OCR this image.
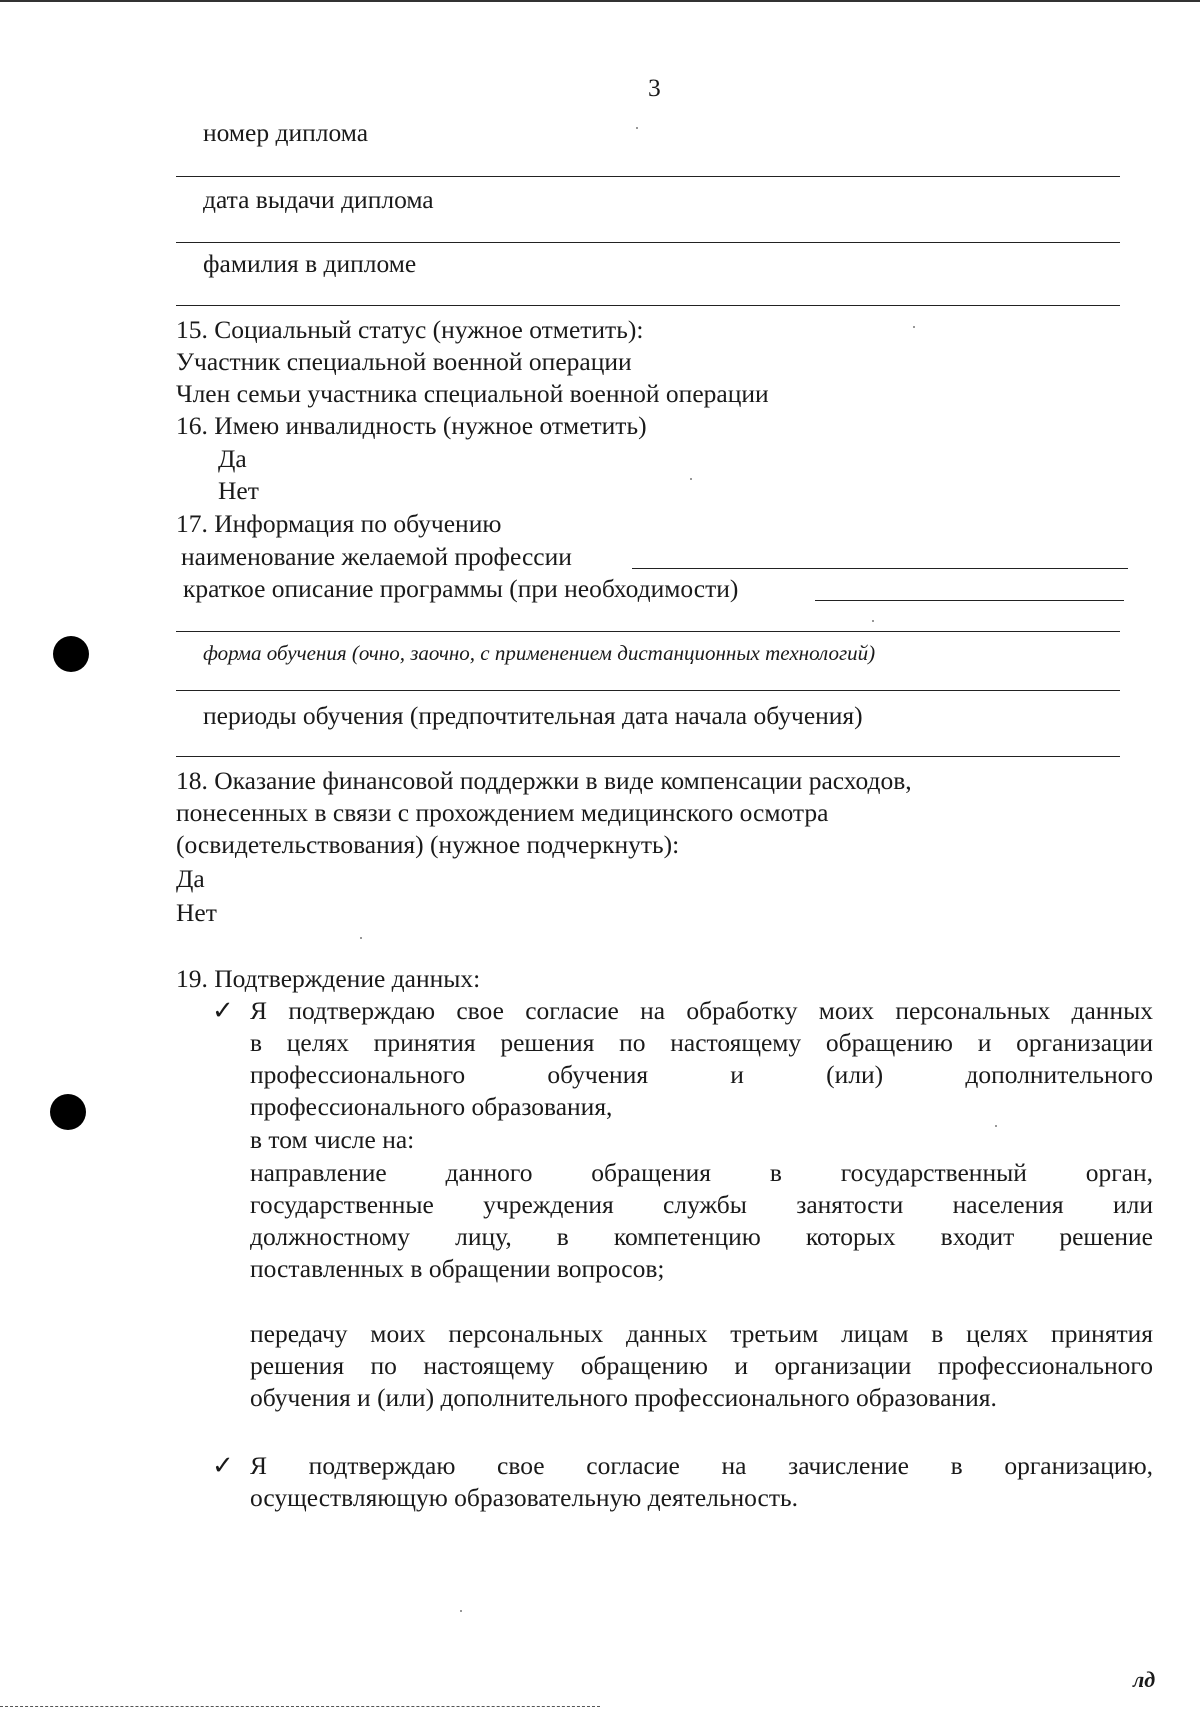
3
номер диплома
дата выдачи диплома
фамилия в дипломе
15. Социальный статус (нужное отметить):
Участник специальной военной операции
Член семьи участника специальной военной операции
16. Имею инвалидность (нужное отметить)
Да
Нет
17. Информация по обучению
наименование желаемой профессии
краткое описание программы (при необходимости)
форма обучения (очно, заочно, с применением дистанционных технологий)
периоды обучения (предпочтительная дата начала обучения)
18. Оказание финансовой поддержки в виде компенсации расходов,
понесенных в связи с прохождением медицинского осмотра
(освидетельствования) (нужное подчеркнуть):
Да
Нет
19. Подтверждение данных:
✓ Я подтверждаю свое согласие на обработку моих персональных данных
в целях принятия решения по настоящему обращению и организации
профессионального обучения и (или) дополнительного
профессионального образования,
в том числе на:
направление данного обращения в государственный орган,
государственные учреждения службы занятости населения или
должностному лицу, в компетенцию которых входит решение
поставленных в обращении вопросов;
передачу моих персональных данных третьим лицам в целях принятия
решения по настоящему обращению и организации профессионального
обучения и (или) дополнительного профессионального образования.
✓ Я подтверждаю свое согласие на зачисление в организацию,
осуществляющую образовательную деятельность.
лд
